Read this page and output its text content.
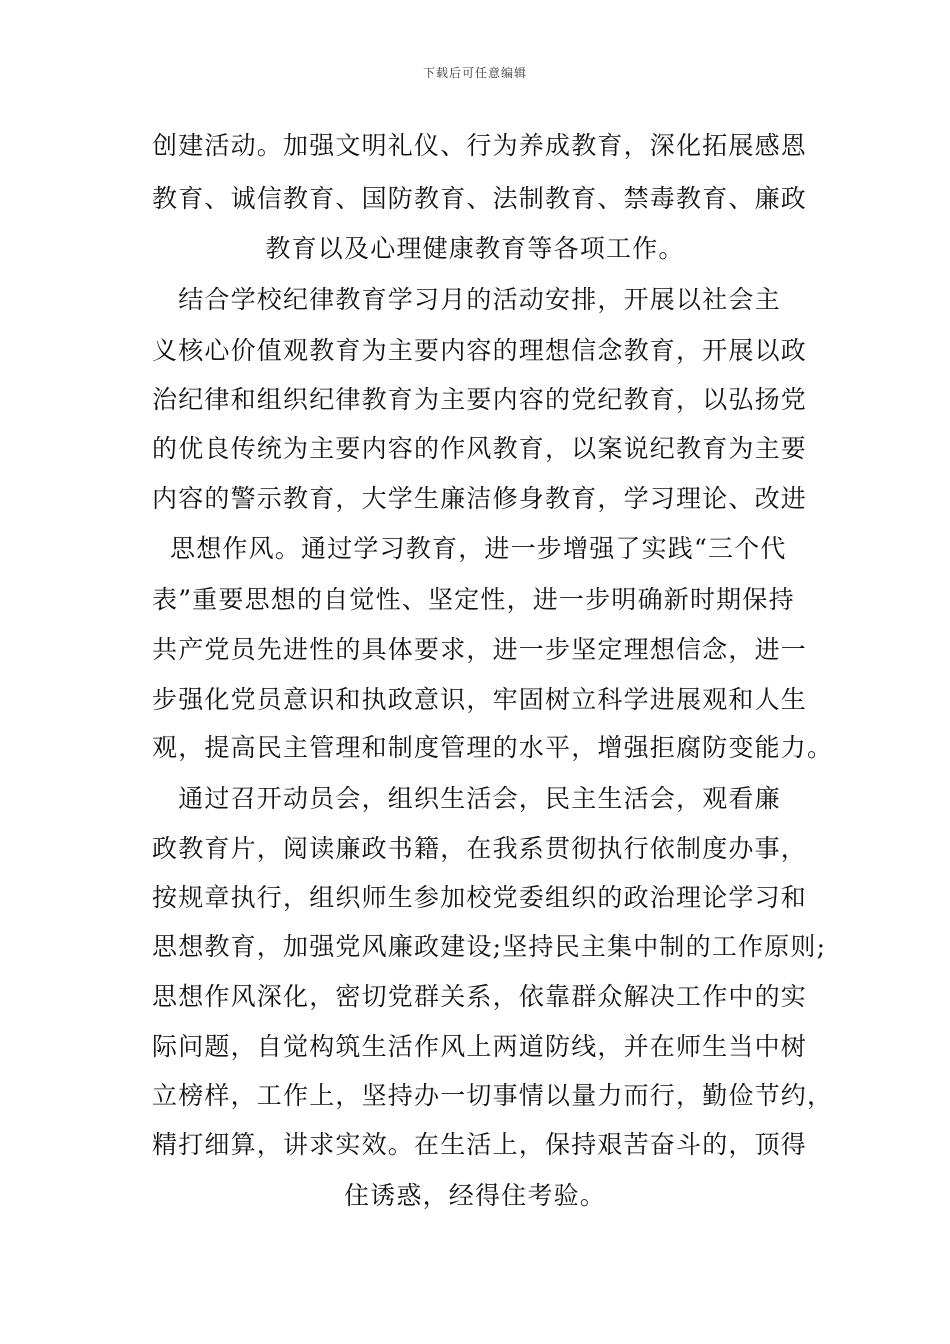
下载后可任意编辑
创建活动。加强文明礼仪、行为养成教育，深化拓展感恩
教育、诚信教育、国防教育、法制教育、禁毒教育、廉政
教育以及心理健康教育等各项工作。
　结合学校纪律教育学习月的活动安排，开展以社会主
义核心价值观教育为主要内容的理想信念教育，开展以政
治纪律和组织纪律教育为主要内容的党纪教育，以弘扬党
的优良传统为主要内容的作风教育，以案说纪教育为主要
内容的警示教育，大学生廉洁修身教育，学习理论、改进
思想作风。通过学习教育，进一步增强了实践“三个代
表”重要思想的自觉性、坚定性，进一步明确新时期保持
共产党员先进性的具体要求，进一步坚定理想信念，进一
步强化党员意识和执政意识，牢固树立科学进展观和人生
观，提高民主管理和制度管理的水平，增强拒腐防变能力。
　通过召开动员会，组织生活会，民主生活会，观看廉
政教育片，阅读廉政书籍，在我系贯彻执行依制度办事，
按规章执行，组织师生参加校党委组织的政治理论学习和
思想教育，加强党风廉政建设;坚持民主集中制的工作原则;
思想作风深化，密切党群关系，依靠群众解决工作中的实
际问题，自觉构筑生活作风上两道防线，并在师生当中树
立榜样，工作上，坚持办一切事情以量力而行，勤俭节约，
精打细算，讲求实效。在生活上，保持艰苦奋斗的，顶得
住诱惑，经得住考验。
